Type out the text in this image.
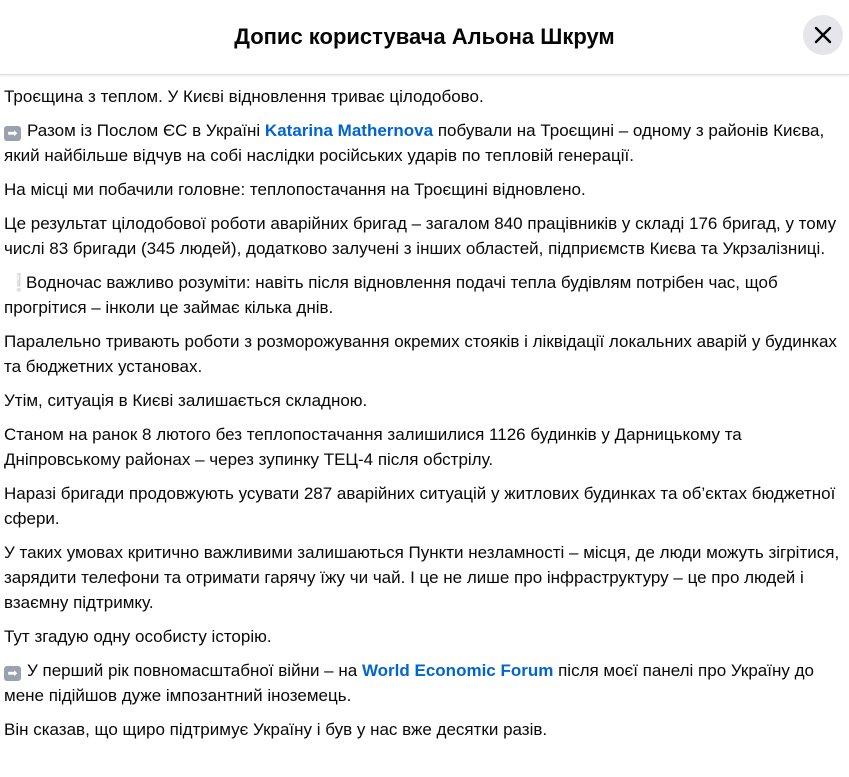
Допис користувача Альона Шкрум

Троєщина з теплом. У Києві відновлення триває цілодобово.

➡ Разом із Послом ЄС в Україні Katarina Mathernova побували на Троєщині – одному з районів Києва, який найбільше відчув на собі наслідки російських ударів по тепловій генерації.

На місці ми побачили головне: теплопостачання на Троєщині відновлено.

Це результат цілодобової роботи аварійних бригад – загалом 840 працівників у складі 176 бригад, у тому числі 83 бригади (345 людей), додатково залучені з інших областей, підприємств Києва та Укрзалізниці.

❕Водночас важливо розуміти: навіть після відновлення подачі тепла будівлям потрібен час, щоб прогрітися – інколи це займає кілька днів.

Паралельно тривають роботи з розморожування окремих стояків і ліквідації локальних аварій у будинках та бюджетних установах.

Утім, ситуація в Києві залишається складною.

Станом на ранок 8 лютого без теплопостачання залишилися 1126 будинків у Дарницькому та Дніпровському районах – через зупинку ТЕЦ-4 після обстрілу.

Наразі бригади продовжують усувати 287 аварійних ситуацій у житлових будинках та об’єктах бюджетної сфери.

У таких умовах критично важливими залишаються Пункти незламності – місця, де люди можуть зігрітися, зарядити телефони та отримати гарячу їжу чи чай. І це не лише про інфраструктуру – це про людей і взаємну підтримку.

Тут згадую одну особисту історію.

➡ У перший рік повномасштабної війни – на World Economic Forum після моєї панелі про Україну до мене підійшов дуже імпозантний іноземець.

Він сказав, що щиро підтримує Україну і був у нас вже десятки разів.
